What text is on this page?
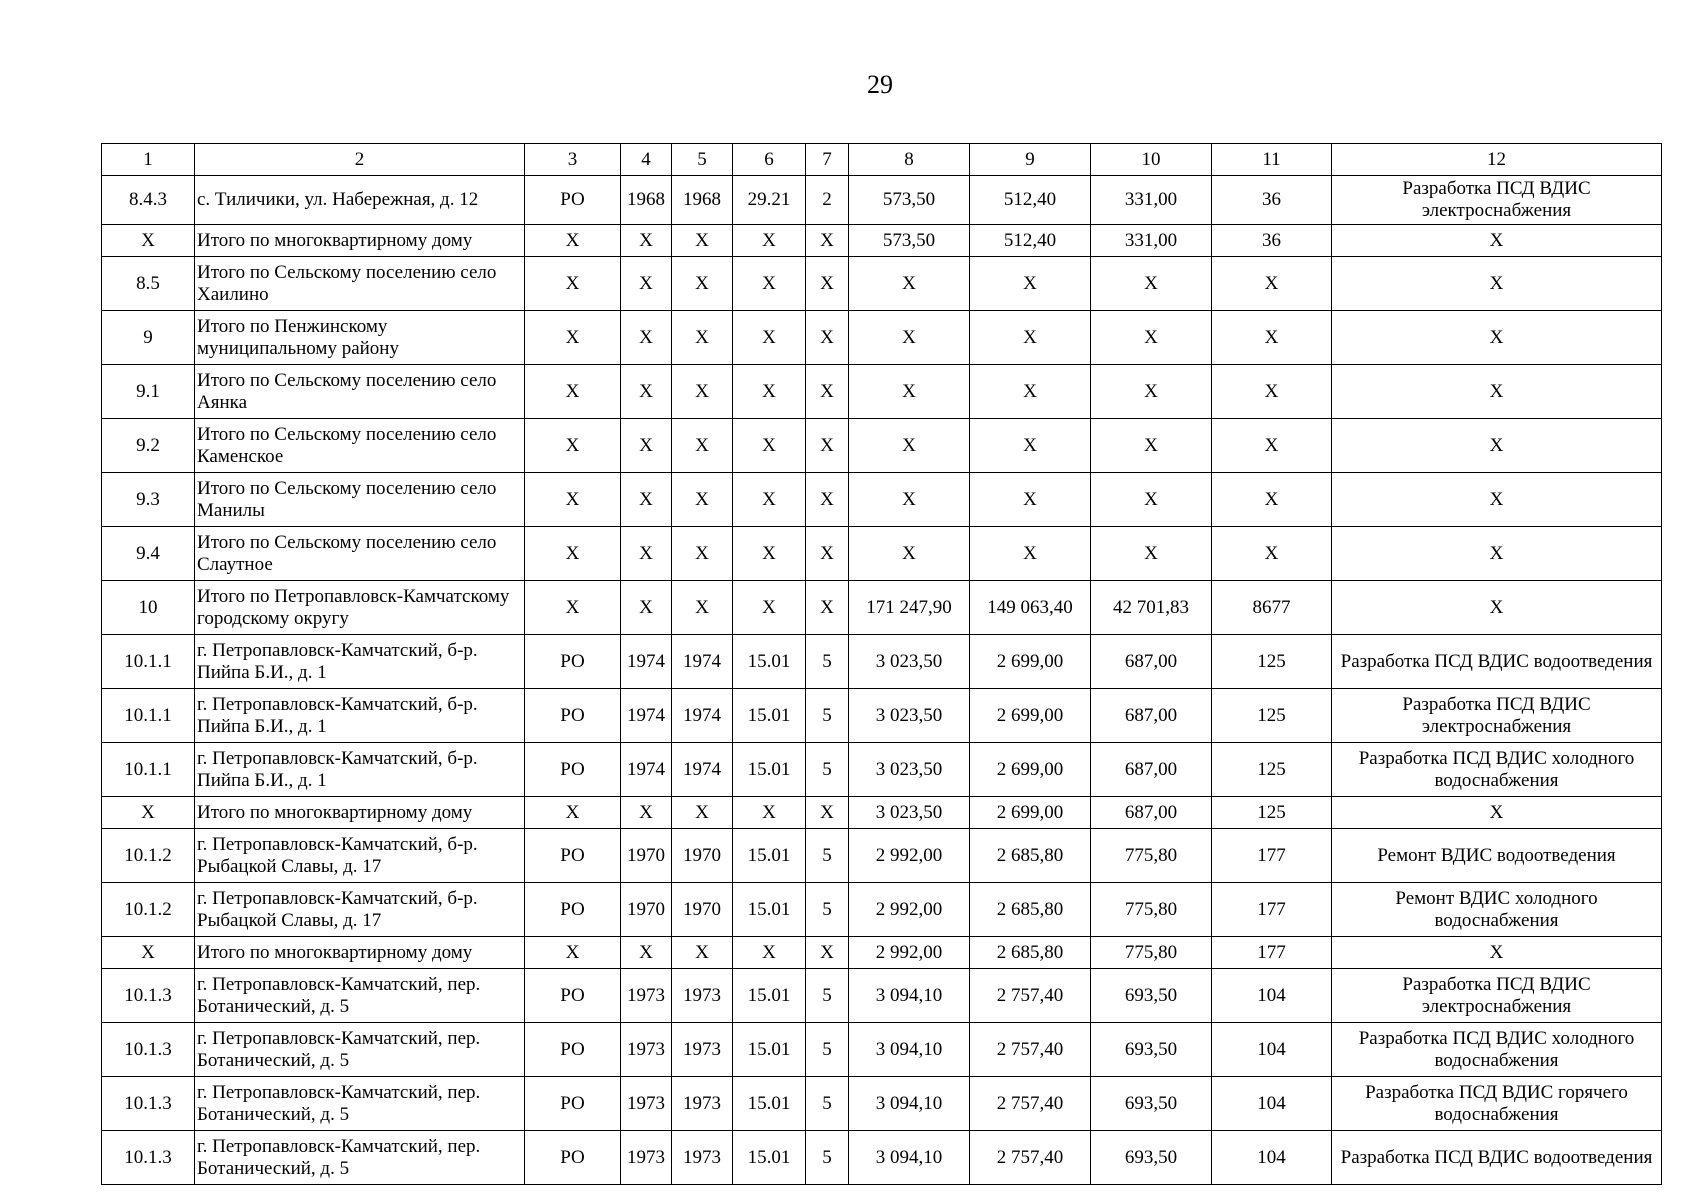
29
1	2	3	4	5	6	7	8	9	10	11	12
8.4.3	с. Тиличики, ул. Набережная, д. 12	РО	1968	1968	29.21	2	573,50	512,40	331,00	36	Разработка ПСД ВДИС электроснабжения
X	Итого по многоквартирному дому	X	X	X	X	X	573,50	512,40	331,00	36	X
8.5	Итого по Сельскому поселению село Хаилино	X	X	X	X	X	X	X	X	X	X
9	Итого по Пенжинскому муниципальному району	X	X	X	X	X	X	X	X	X	X
9.1	Итого по Сельскому поселению село Аянка	X	X	X	X	X	X	X	X	X	X
9.2	Итого по Сельскому поселению село Каменское	X	X	X	X	X	X	X	X	X	X
9.3	Итого по Сельскому поселению село Манилы	X	X	X	X	X	X	X	X	X	X
9.4	Итого по Сельскому поселению село Слаутное	X	X	X	X	X	X	X	X	X	X
10	Итого по Петропавловск-Камчатскому городскому округу	X	X	X	X	X	171 247,90	149 063,40	42 701,83	8677	X
10.1.1	г. Петропавловск-Камчатский, б-р. Пийпа Б.И., д. 1	РО	1974	1974	15.01	5	3 023,50	2 699,00	687,00	125	Разработка ПСД ВДИС водоотведения
10.1.1	г. Петропавловск-Камчатский, б-р. Пийпа Б.И., д. 1	РО	1974	1974	15.01	5	3 023,50	2 699,00	687,00	125	Разработка ПСД ВДИС электроснабжения
10.1.1	г. Петропавловск-Камчатский, б-р. Пийпа Б.И., д. 1	РО	1974	1974	15.01	5	3 023,50	2 699,00	687,00	125	Разработка ПСД ВДИС холодного водоснабжения
X	Итого по многоквартирному дому	X	X	X	X	X	3 023,50	2 699,00	687,00	125	X
10.1.2	г. Петропавловск-Камчатский, б-р. Рыбацкой Славы, д. 17	РО	1970	1970	15.01	5	2 992,00	2 685,80	775,80	177	Ремонт ВДИС водоотведения
10.1.2	г. Петропавловск-Камчатский, б-р. Рыбацкой Славы, д. 17	РО	1970	1970	15.01	5	2 992,00	2 685,80	775,80	177	Ремонт ВДИС холодного водоснабжения
X	Итого по многоквартирному дому	X	X	X	X	X	2 992,00	2 685,80	775,80	177	X
10.1.3	г. Петропавловск-Камчатский, пер. Ботанический, д. 5	РО	1973	1973	15.01	5	3 094,10	2 757,40	693,50	104	Разработка ПСД ВДИС электроснабжения
10.1.3	г. Петропавловск-Камчатский, пер. Ботанический, д. 5	РО	1973	1973	15.01	5	3 094,10	2 757,40	693,50	104	Разработка ПСД ВДИС холодного водоснабжения
10.1.3	г. Петропавловск-Камчатский, пер. Ботанический, д. 5	РО	1973	1973	15.01	5	3 094,10	2 757,40	693,50	104	Разработка ПСД ВДИС горячего водоснабжения
10.1.3	г. Петропавловск-Камчатский, пер. Ботанический, д. 5	РО	1973	1973	15.01	5	3 094,10	2 757,40	693,50	104	Разработка ПСД ВДИС водоотведения
